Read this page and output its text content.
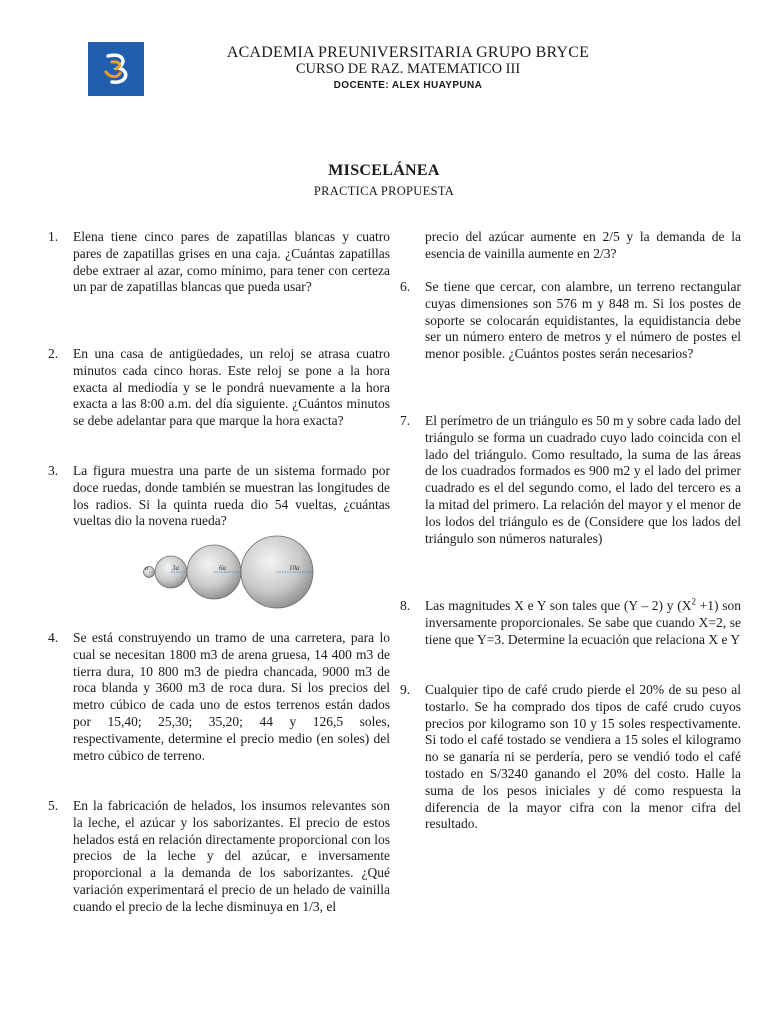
ACADEMIA PREUNIVERSITARIA GRUPO BRYCE
CURSO DE RAZ. MATEMATICO III
DOCENTE: ALEX HUAYPUNA
MISCELÁNEA
PRACTICA PROPUESTA
1. Elena tiene cinco pares de zapatillas blancas y cuatro pares de zapatillas grises en una caja. ¿Cuántas zapatillas debe extraer al azar, como mínimo, para tener con certeza un par de zapatillas blancas que pueda usar?
2. En una casa de antigüedades, un reloj se atrasa cuatro minutos cada cinco horas. Este reloj se pone a la hora exacta al mediodía y se le pondrá nuevamente a la hora exacta a las 8:00 a.m. del día siguiente. ¿Cuántos minutos se debe adelantar para que marque la hora exacta?
3. La figura muestra una parte de un sistema formado por doce ruedas, donde también se muestran las longitudes de los radios. Si la quinta rueda dio 54 vueltas, ¿cuántas vueltas dio la novena rueda?
a	3a	6a	10a
4. Se está construyendo un tramo de una carretera, para lo cual se necesitan 1800 m3 de arena gruesa, 14 400 m3 de tierra dura, 10 800 m3 de piedra chancada, 9000 m3 de roca blanda y 3600 m3 de roca dura. Si los precios del metro cúbico de cada uno de estos terrenos están dados por 15,40; 25,30; 35,20; 44 y 126,5 soles, respectivamente, determine el precio medio (en soles) del metro cúbico de terreno.
5. En la fabricación de helados, los insumos relevantes son la leche, el azúcar y los saborizantes. El precio de estos helados está en relación directamente proporcional con los precios de la leche y del azúcar, e inversamente proporcional a la demanda de los saborizantes. ¿Qué variación experimentará el precio de un helado de vainilla cuando el precio de la leche disminuya en 1/3, el
precio del azúcar aumente en 2/5 y la demanda de la esencia de vainilla aumente en 2/3?
6. Se tiene que cercar, con alambre, un terreno rectangular cuyas dimensiones son 576 m y 848 m. Si los postes de soporte se colocarán equidistantes, la equidistancia debe ser un número entero de metros y el número de postes el menor posible. ¿Cuántos postes serán necesarios?
7. El perímetro de un triángulo es 50 m y sobre cada lado del triángulo se forma un cuadrado cuyo lado coincida con el lado del triángulo. Como resultado, la suma de las áreas de los cuadrados formados es 900 m2 y el lado del primer cuadrado es el del segundo como, el lado del tercero es a la mitad del primero. La relación del mayor y el menor de los lodos del triángulo es de (Considere que los lados del triángulo son números naturales)
8. Las magnitudes X e Y son tales que (Y – 2) y $(X^2 +1)$ son inversamente proporcionales. Se sabe que cuando X=2, se tiene que Y=3. Determine la ecuación que relaciona X e Y
9. Cualquier tipo de café crudo pierde el 20% de su peso al tostarlo. Se ha comprado dos tipos de café crudo cuyos precios por kilogramo son 10 y 15 soles respectivamente. Si todo el café tostado se vendiera a 15 soles el kilogramo no se ganaría ni se perdería, pero se vendió todo el café tostado en S/3240 ganando el 20% del costo. Halle la suma de los pesos iniciales y dé como respuesta la diferencia de la mayor cifra con la menor cifra del resultado.
